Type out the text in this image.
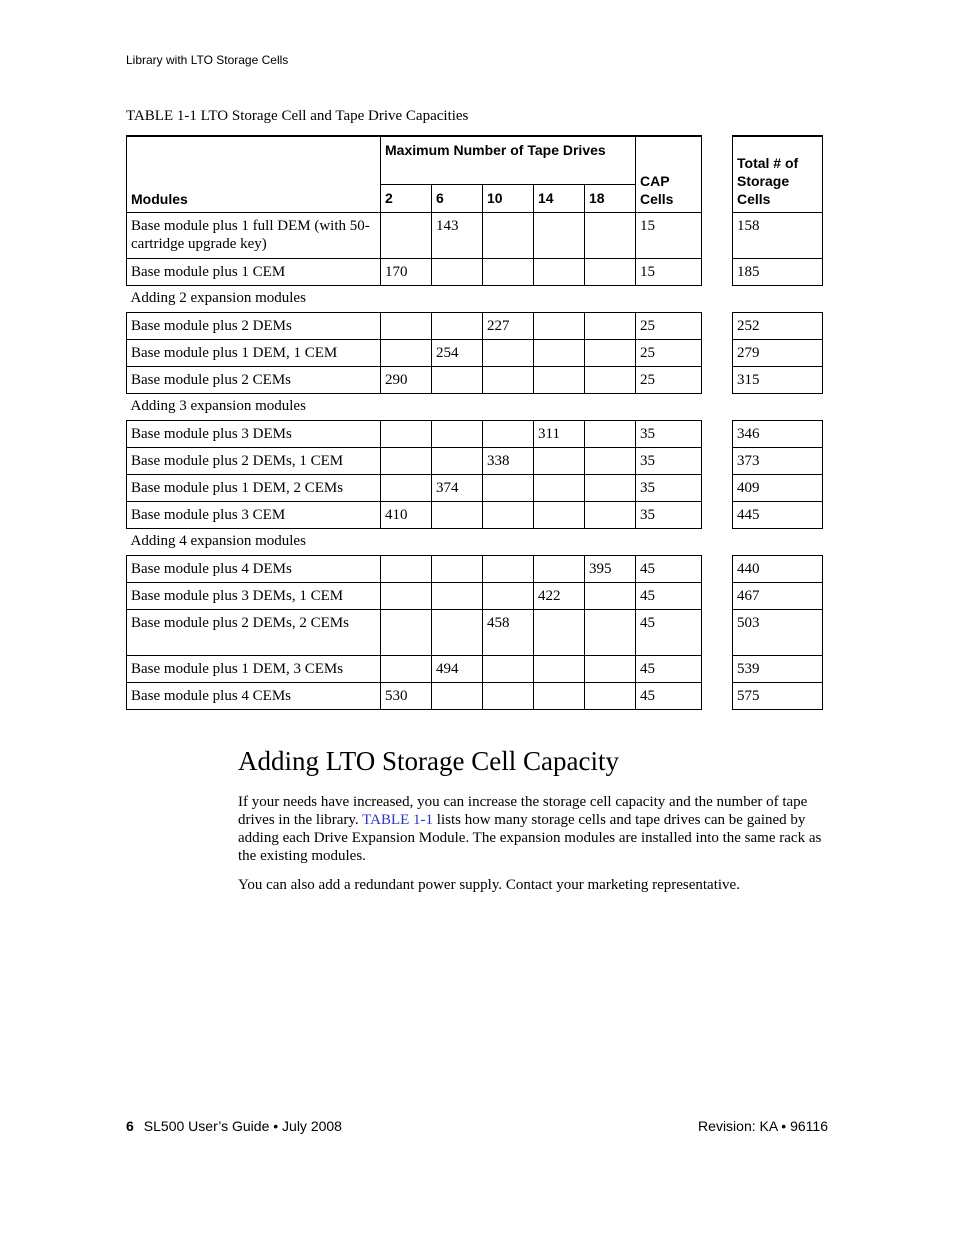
Library with LTO Storage Cells
TABLE 1-1 LTO Storage Cell and Tape Drive Capacities
Modules	Maximum Number of Tape Drives					CAP Cells		Total # of Storage Cells
	2	6	10	14	18			
Base module plus 1 full DEM (with 50-cartridge upgrade key)		143				15		158
Base module plus 1 CEM	170					15		185
Adding 2 expansion modules								
Base module plus 2 DEMs			227			25		252
Base module plus 1 DEM, 1 CEM		254				25		279
Base module plus 2 CEMs	290					25		315
Adding 3 expansion modules								
Base module plus 3 DEMs				311		35		346
Base module plus 2 DEMs, 1 CEM			338			35		373
Base module plus 1 DEM, 2 CEMs		374				35		409
Base module plus 3 CEM	410					35		445
Adding 4 expansion modules								
Base module plus 4 DEMs					395	45		440
Base module plus 3 DEMs, 1 CEM				422		45		467
Base module plus 2 DEMs, 2 CEMs			458			45		503
Base module plus 1 DEM, 3 CEMs		494				45		539
Base module plus 4 CEMs	530					45		575
Adding LTO Storage Cell Capacity

If your needs have increased, you can increase the storage cell capacity and the number of tape drives in the library. TABLE 1-1 lists how many storage cells and tape drives can be gained by adding each Drive Expansion Module. The expansion modules are installed into the same rack as the existing modules.

You can also add a redundant power supply. Contact your marketing representative.

6 SL500 User’s Guide • July 2008	Revision: KA • 96116
